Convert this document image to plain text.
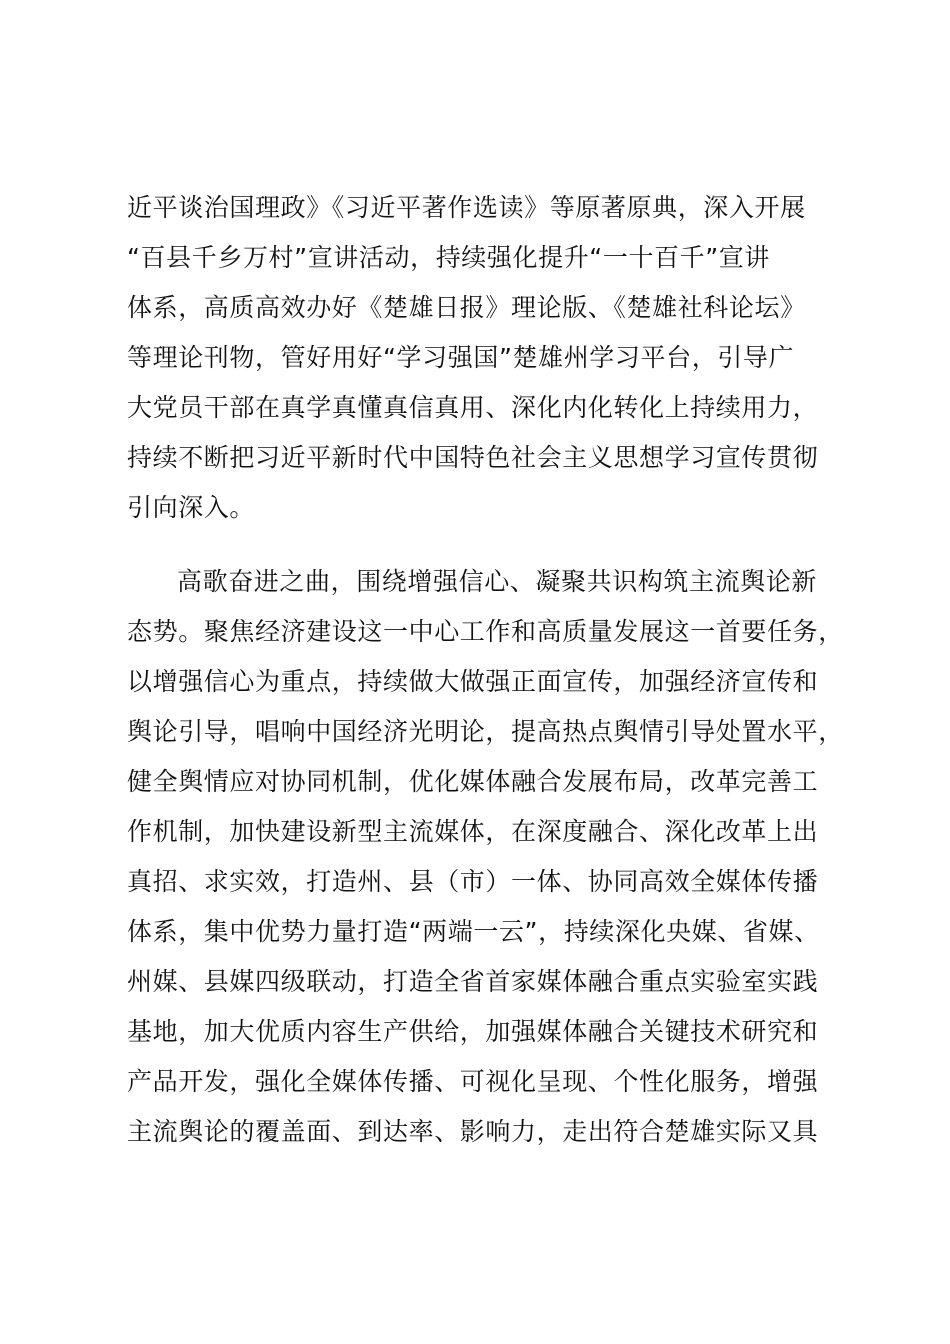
近平谈治国理政》《习近平著作选读》等原著原典，深入开展
“百县千乡万村”宣讲活动，持续强化提升“一十百千”宣讲
体系，高质高效办好《楚雄日报》理论版、《楚雄社科论坛》
等理论刊物，管好用好“学习强国”楚雄州学习平台，引导广
大党员干部在真学真懂真信真用、深化内化转化上持续用力，
持续不断把习近平新时代中国特色社会主义思想学习宣传贯彻
引向深入。
高歌奋进之曲，围绕增强信心、凝聚共识构筑主流舆论新
态势。聚焦经济建设这一中心工作和高质量发展这一首要任务，
以增强信心为重点，持续做大做强正面宣传，加强经济宣传和
舆论引导，唱响中国经济光明论，提高热点舆情引导处置水平，
健全舆情应对协同机制，优化媒体融合发展布局，改革完善工
作机制，加快建设新型主流媒体，在深度融合、深化改革上出
真招、求实效，打造州、县（市）一体、协同高效全媒体传播
体系，集中优势力量打造“两端一云”，持续深化央媒、省媒、
州媒、县媒四级联动，打造全省首家媒体融合重点实验室实践
基地，加大优质内容生产供给，加强媒体融合关键技术研究和
产品开发，强化全媒体传播、可视化呈现、个性化服务，增强
主流舆论的覆盖面、到达率、影响力，走出符合楚雄实际又具
